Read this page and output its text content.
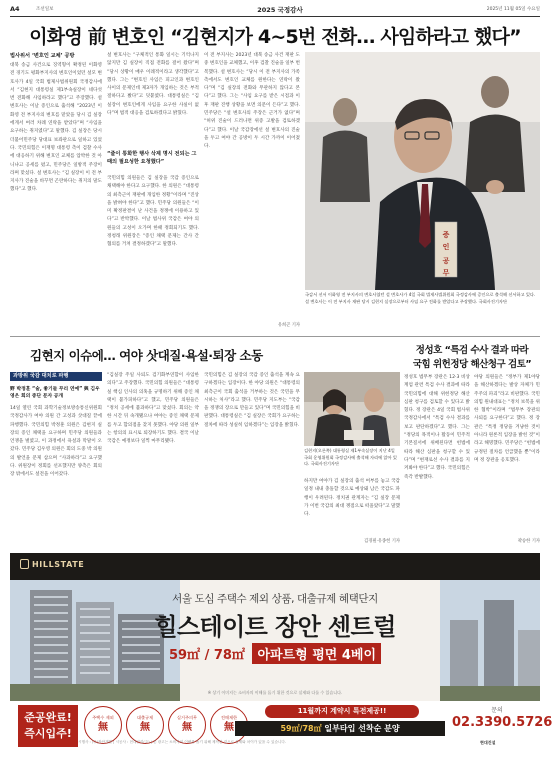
A4	조선일보	2025 국정감사	2025년 11월 05일 수요일
이화영 前 변호인 “김현지가 4~5번 전화… 사임하라고 했다”
법사위서 ‘변호인 교체’ 공방
대북 송금 사건으로 징역형이 확정된 이화영 전 경기도 평화부지사의 변호인이었던 설모 변호사가 4일 국회 법제사법위원회 국정감사에서 “김현지 대통령실 제1부속실장이 네다섯 번 전화해 사임하라고 했다”고 주장했다. 설 변호사는 이날 증인으로 출석해 “2023년 이화영 전 부지사의 변호를 맡았을 당시 김 실장에게서 여러 차례 연락을 받았다”며 “사임을 요구하는 취지였다”고 말했다. 김 실장은 당시 더불어민주당 당대표 보좌관으로 일하고 있었다. 국민의힘은 이재명 대통령 측이 검찰 수사에 대응하기 위해 변호인 교체를 압박한 것 아니냐고 공세를 폈고, 민주당은 일방적 주장이라며 맞섰다. 설 변호사는 “김 실장이 이 전 부지사가 진술을 바꾸면 곤란하다는 취지의 말도 했다”고 했다.
설 변호사는 “구체적인 통화 일시는 기억나지 않지만 김 실장이 직접 전화를 걸어 왔다”며 “당시 상황이 매우 이례적이라고 생각했다”고 했다. 그는 “변호인 사임은 피고인과 변호인 사이의 문제인데 제3자가 개입하는 것은 부적절하다고 봤다”고 덧붙였다. 대통령실은 “김 실장이 변호인에게 사임을 요구한 사실이 없다”며 법적 대응을 검토하겠다고 밝혔다.
“줄이 통화한 행사 삭제 명시 전되는 그때의 필요성한 요청했다”
국민의힘 의원들은 김 실장을 국감 증인으로 채택해야 한다고 요구했다. 한 의원은 “대통령의 최측근이 재판에 개입한 정황”이라며 “진상을 밝혀야 한다”고 했다. 민주당 의원들은 “이미 확정판결이 난 사건을 정쟁에 이용하고 있다”고 반박했다. 이날 법사위 국감은 여야 의원들의 고성이 오가며 한때 정회되기도 했다. 정청래 위원장은 “증인 채택 문제는 간사 간 협의를 거쳐 결정하겠다”고 말했다.
이 전 부지사는 2023년 대북 송금 사건 재판 도중 변호인을 교체했고, 이후 검찰 진술을 일부 번복했다. 설 변호사는 “당시 이 전 부지사의 가족 측에서도 변호인 교체를 원한다는 연락이 왔다”며 “김 실장의 전화와 무관하지 않다고 본다”고 했다. 그는 “사임 요구를 받은 시점과 이후 재판 진행 상황을 보면 의문이 든다”고 했다. 민주당은 “설 변호사의 주장은 근거가 없다”며 “허위 진술이 드러나면 위증 고발을 검토하겠다”고 했다. 이날 국감장에선 설 변호사의 진술을 두고 여야 간 공방이 두 시간 가까이 이어졌다.
유희곤 기자
증
인
공
무
국감서 선서 이화영 전 부지사의 변호사였던 설 변호사가 4일 국회 법제사법위원회 국정감사에 증인으로 출석해 선서하고 있다. 설 변호사는 이 전 부지사 재판 당시 김현지 실장으로부터 사임 요구 전화를 받았다고 주장했다. 국회사진기자단
김현지 이슈에… 여야 삿대질·욕설·퇴장 소동
과방위 국감 대치로 파행
野 박정훈 “술, 좋기들 무리 연예” 與 김우영은 회의 중단 문자 공개
14일 열린 국회 과학기술정보방송통신위원회 국정감사가 여야 의원 간 고성과 삿대질 끝에 파행했다. 국민의힘 박정훈 의원은 김현지 실장의 증인 채택을 요구하며 민주당 의원들과 언쟁을 벌였고, 이 과정에서 욕설과 막말이 오갔다. 민주당 김우영 의원은 회의 도중 박 의원의 발언을 문제 삼으며 “사과하라”고 요구했다. 위원장이 정회를 선포했지만 양측은 회의장 밖에서도 설전을 이어갔다.
“김실장 주일 사퇴도 검기화부연합이 사임한 의다”고 주장했다. 국민의힘 의원들은 “대통령실 핵심 인사의 의혹을 규명하기 위해 증인 채택이 불가피하다”고 했고, 민주당 의원들은 “정치 공세에 불과하다”고 맞섰다. 회의는 약 한 시간 뒤 속개됐으나 여야는 증인 채택 문제를 두고 합의점을 찾지 못했다. 야당 의원 일부는 항의의 표시로 퇴장하기도 했다. 결국 이날 국감은 예정보다 일찍 마무리됐다.
국민의힘은 김 실장의 국감 증인 출석을 계속 요구하겠다는 입장이다. 한 야당 의원은 “대통령의 최측근이 국회 출석을 거부하는 것은 국민을 무시하는 처사”라고 했다. 민주당 지도부는 “국감을 정쟁의 장으로 만들고 있다”며 국민의힘을 비판했다. 대통령실은 “김 실장은 국회가 요구하는 절차에 따라 성실히 임하겠다”는 입장을 밝혔다.
김현지(오른쪽) 대통령실 제1부속실장이 지난 4일 국회 운영위원회 국정감사에 출석해 자리에 앉아 있다. 국회사진기자단
하지만 여야가 김 실장의 출석 여부를 놓고 국감 일정 내내 충돌할 것으로 예상돼 남은 국감도 파행이 우려된다. 정치권 관계자는 “김 실장 문제가 이번 국감의 최대 쟁점으로 떠올랐다”고 말했다.
김경필·유종헌 기자
정성호 “특검 수사 결과 따라
국힘 위헌정당 해산청구 검토”
정성호 법무부 장관은 12·3 비상계엄 관련 특검 수사 결과에 따라 국민의힘에 대해 위헌정당 해산 심판 청구를 검토할 수 있다고 밝혔다. 정 장관은 4일 국회 법사위 국정감사에서 “특검 수사 결과를 보고 판단하겠다”고 했다. 그는 “정당의 목적이나 활동이 민주적 기본질서에 위배된다면 헌법에 따라 해산 심판을 청구할 수 있다”며 “현재로선 수사 결과를 지켜봐야 한다”고 했다. 국민의힘은 즉각 반발했다.
야당 의원들은 “정부가 제1야당을 해산하겠다는 발상 자체가 민주주의 파괴”라고 비판했다. 국민의힘 원내대표는 “정치 보복을 위한 협박”이라며 “법무부 장관의 사퇴를 요구한다”고 했다. 정 장관은 “특정 정당을 겨냥한 것이 아니라 원론적 입장을 밝힌 것”이라고 해명했다. 민주당은 “헌법에 규정된 절차를 언급했을 뿐”이라며 정 장관을 옹호했다.
곽승한 기자
HILLSTATE
서울 도심 주택수 제외 상품, 대출규제 혜택단지
힐스테이트 장안 센트럴
59㎡ / 78㎡ 아파트형 평면 4베이
※ 상기 이미지는 소비자의 이해를 돕기 위한 것으로 실제와 다를 수 있습니다.
준공완료!
즉시입주!
주택수 제외
無
대출규제
無
실거주의무
無
전매제한
無
11월까지 계약시 특전제공!!
59㎡/78㎡ 일부타입 선착순 분양
문의
02.3390.5726
시행사 : (주)장안개발 | 시공사 : 현대건설(주) | 본 광고는 소비자의 이해를 돕기 위해 제작된 것으로 실제와 차이가 있을 수 있습니다.	현대건설
